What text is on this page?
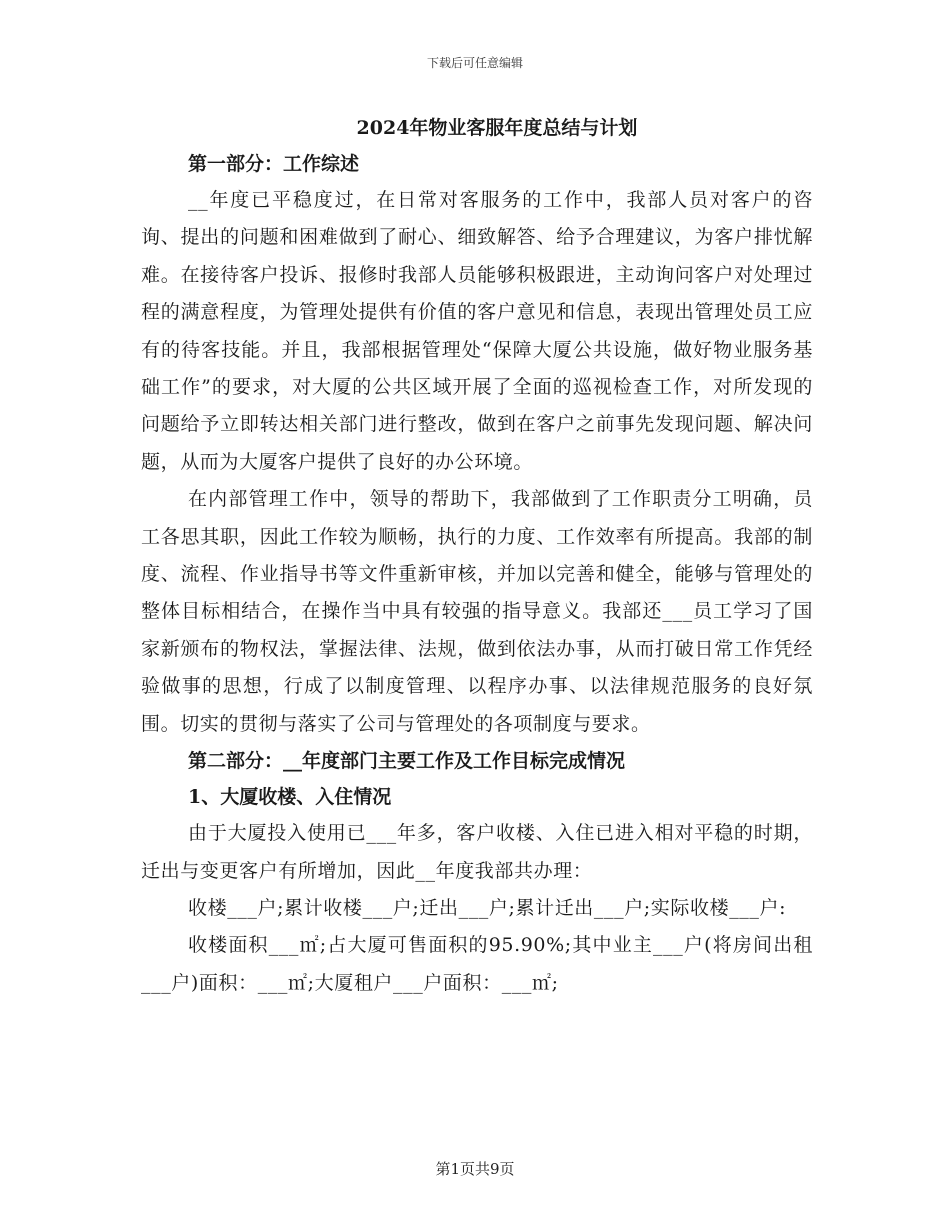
下载后可任意编辑

2024年物业客服年度总结与计划

第一部分：工作综述

__年度已平稳度过，在日常对客服务的工作中，我部人员对客户的咨询、提出的问题和困难做到了耐心、细致解答、给予合理建议，为客户排忧解难。在接待客户投诉、报修时我部人员能够积极跟进，主动询问客户对处理过程的满意程度，为管理处提供有价值的客户意见和信息，表现出管理处员工应有的待客技能。并且，我部根据管理处“保障大厦公共设施，做好物业服务基础工作”的要求，对大厦的公共区域开展了全面的巡视检查工作，对所发现的问题给予立即转达相关部门进行整改，做到在客户之前事先发现问题、解决问题，从而为大厦客户提供了良好的办公环境。

在内部管理工作中，领导的帮助下，我部做到了工作职责分工明确，员工各思其职，因此工作较为顺畅，执行的力度、工作效率有所提高。我部的制度、流程、作业指导书等文件重新审核，并加以完善和健全，能够与管理处的整体目标相结合，在操作当中具有较强的指导意义。我部还___员工学习了国家新颁布的物权法，掌握法律、法规，做到依法办事，从而打破日常工作凭经验做事的思想，行成了以制度管理、以程序办事、以法律规范服务的良好氛围。切实的贯彻与落实了公司与管理处的各项制度与要求。

第二部分：__年度部门主要工作及工作目标完成情况

1、大厦收楼、入住情况

由于大厦投入使用已___年多，客户收楼、入住已进入相对平稳的时期，迁出与变更客户有所增加，因此__年度我部共办理：

收楼___户;累计收楼___户;迁出___户;累计迁出___户;实际收楼___户:

收楼面积___㎡;占大厦可售面积的95.90%;其中业主___户(将房间出租___户)面积：___㎡;大厦租户___户面积：___㎡;

第1页共9页
